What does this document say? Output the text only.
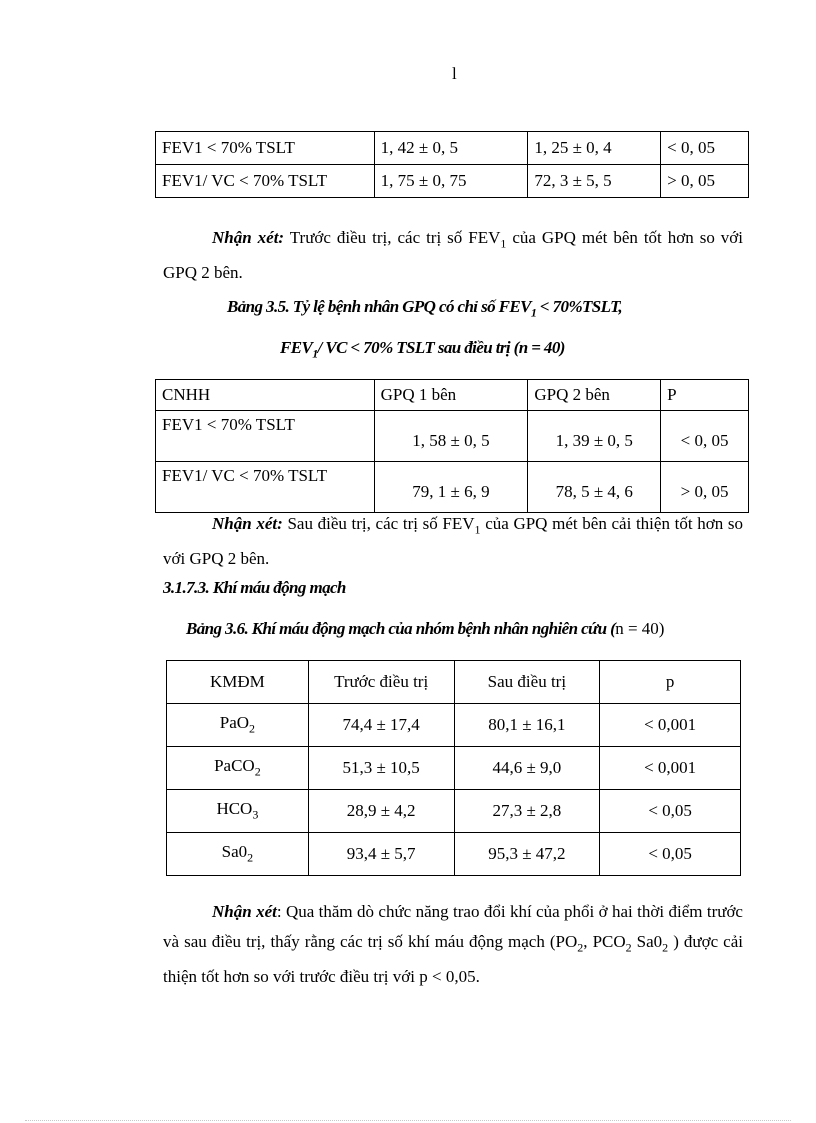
l
FEV1 < 70% TSLT	1, 42 ± 0, 5	1, 25 ± 0, 4	< 0, 05
FEV1/ VC < 70% TSLT	1, 75 ± 0, 75	72, 3 ± 5, 5	> 0, 05
Nhận xét: Trước điều trị, các trị số $FEV_1$ của GPQ mét bên tốt hơn so với GPQ 2 bên.
Bảng 3.5. Tỷ lệ bệnh nhân GPQ có chỉ số $FEV_1$ < 70%TSLT,
$FEV_1/$ VC < 70% TSLT sau điều trị (n = 40)
CNHH	GPQ 1 bên	GPQ 2 bên	P
FEV1 < 70% TSLT	1, 58 ± 0, 5	1, 39 ± 0, 5	< 0, 05
FEV1/ VC < 70% TSLT	79, 1 ± 6, 9	78, 5 ± 4, 6	> 0, 05
Nhận xét: Sau điều trị, các trị số $FEV_1$ của GPQ mét bên cải thiện tốt hơn so với GPQ 2 bên.
3.1.7.3. Khí máu động mạch
Bảng 3.6. Khí máu động mạch của nhóm bệnh nhân nghiên cứu (n = 40)
KMĐM	Trước điều trị	Sau điều trị	p
PaO$_2$	74,4 ± 17,4	80,1 ± 16,1	< 0,001
PaCO$_2$	51,3 ± 10,5	44,6 ± 9,0	< 0,001
$HCO_3$	28,9 ± 4,2	27,3 ± 2,8	< 0,05
$Sa0_2$	93,4 ± 5,7	95,3 ± 47,2	< 0,05
Nhận xét: Qua thăm dò chức năng trao đổi khí của phổi ở hai thời điểm trước và sau điều trị, thấy rằng các trị số khí máu động mạch ($PO_2$, $PCO_2$ $Sa0_2$ ) được cải thiện tốt hơn so với trước điều trị với p < 0,05.
